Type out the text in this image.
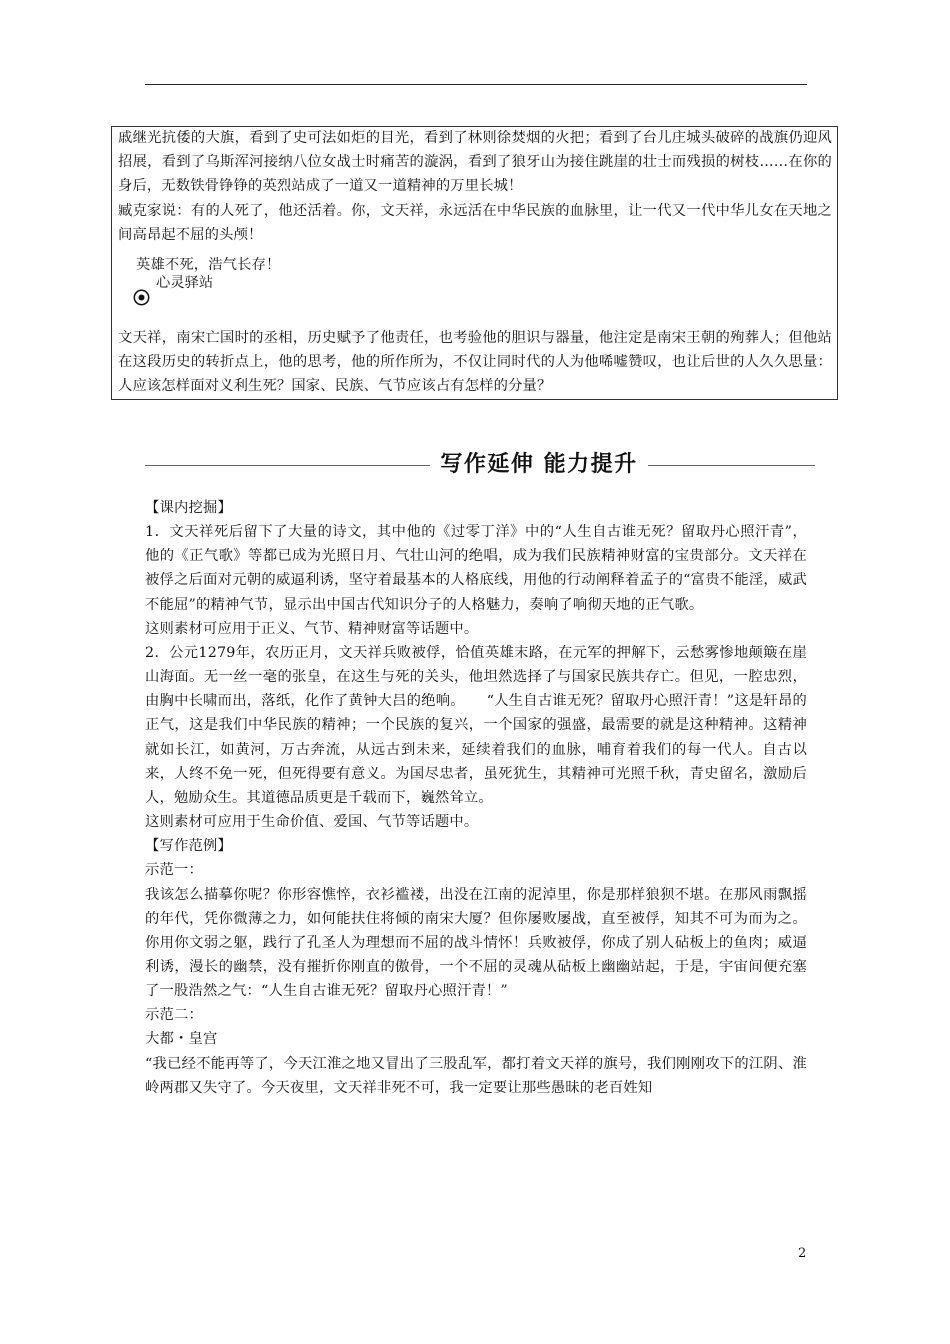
戚继光抗倭的大旗，看到了史可法如炬的目光，看到了林则徐焚烟的火把；看到了台儿庄城头破碎的战旗仍迎风招展，看到了乌斯浑河接纳八位女战士时痛苦的漩涡，看到了狼牙山为接住跳崖的壮士而残损的树枝……在你的身后，无数铁骨铮铮的英烈站成了一道又一道精神的万里长城！

臧克家说：有的人死了，他还活着。你，文天祥，永远活在中华民族的血脉里，让一代又一代中华儿女在天地之间高昂起不屈的头颅！

英雄不死，浩气长存！

心灵驿站

文天祥，南宋亡国时的丞相，历史赋予了他责任，也考验他的胆识与器量，他注定是南宋王朝的殉葬人；但他站在这段历史的转折点上，他的思考，他的所作所为，不仅让同时代的人为他唏嘘赞叹，也让后世的人久久思量：人应该怎样面对义利生死？国家、民族、气节应该占有怎样的分量？

写作延伸 能力提升

【课内挖掘】

1．文天祥死后留下了大量的诗文，其中他的《过零丁洋》中的“人生自古谁无死？留取丹心照汗青”，他的《正气歌》等都已成为光照日月、气壮山河的绝唱，成为我们民族精神财富的宝贵部分。文天祥在被俘之后面对元朝的威逼利诱，坚守着最基本的人格底线，用他的行动阐释着孟子的“富贵不能淫，威武不能屈”的精神气节，显示出中国古代知识分子的人格魅力，奏响了响彻天地的正气歌。

这则素材可应用于正义、气节、精神财富等话题中。

2．公元1279年，农历正月，文天祥兵败被俘，恰值英雄末路，在元军的押解下，云愁雾惨地颠簸在崖山海面。无一丝一毫的张皇，在这生与死的关头，他坦然选择了与国家民族共存亡。但见，一腔忠烈，由胸中长啸而出，落纸，化作了黄钟大吕的绝响。　　“人生自古谁无死？留取丹心照汗青！”这是轩昂的正气，这是我们中华民族的精神；一个民族的复兴，一个国家的强盛，最需要的就是这种精神。这精神就如长江，如黄河，万古奔流，从远古到未来，延续着我们的血脉，哺育着我们的每一代人。自古以来，人终不免一死，但死得要有意义。为国尽忠者，虽死犹生，其精神可光照千秋，青史留名，激励后人，勉励众生。其道德品质更是千载而下，巍然耸立。

这则素材可应用于生命价值、爱国、气节等话题中。

【写作范例】

示范一：

我该怎么描摹你呢？你形容憔悴，衣衫褴褛，出没在江南的泥淖里，你是那样狼狈不堪。在那风雨飘摇的年代，凭你微薄之力，如何能扶住将倾的南宋大厦？但你屡败屡战，直至被俘，知其不可为而为之。你用你文弱之躯，践行了孔圣人为理想而不屈的战斗情怀！兵败被俘，你成了别人砧板上的鱼肉；威逼利诱，漫长的幽禁，没有摧折你刚直的傲骨，一个不屈的灵魂从砧板上幽幽站起，于是，宇宙间便充塞了一股浩然之气：“人生自古谁无死？留取丹心照汗青！”

示范二：

大都・皇宫

“我已经不能再等了，今天江淮之地又冒出了三股乱军，都打着文天祥的旗号，我们刚刚攻下的江阴、淮岭两郡又失守了。今天夜里，文天祥非死不可，我一定要让那些愚昧的老百姓知

2
